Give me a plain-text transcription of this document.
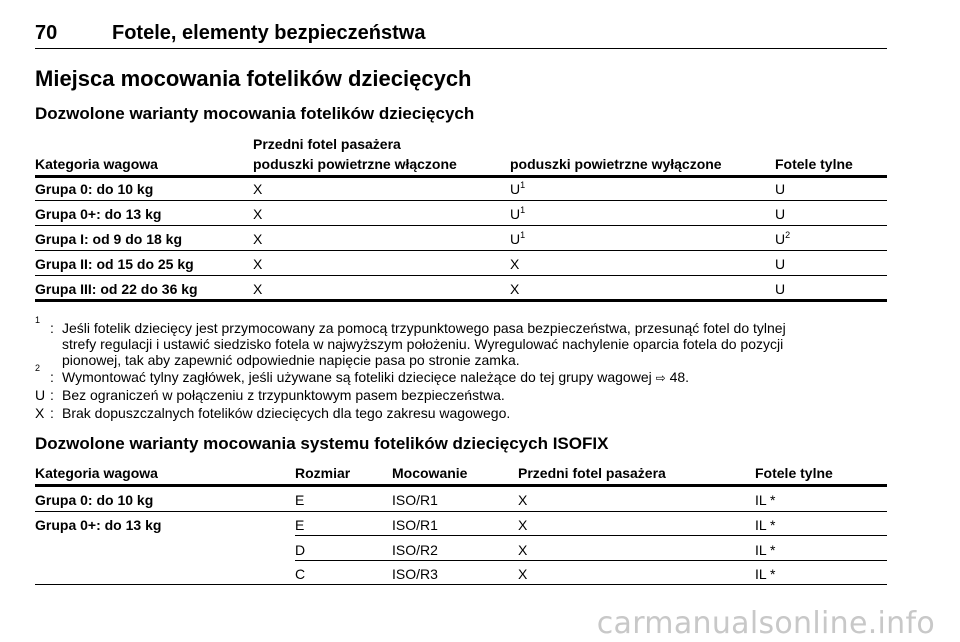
70	Fotele, elementy bezpieczeństwa
Miejsca mocowania fotelików dziecięcych
Dozwolone warianty mocowania fotelików dziecięcych
Przedni fotel pasażera
Kategoria wagowa	poduszki powietrzne włączone	poduszki powietrzne wyłączone	Fotele tylne
Grupa 0: do 10 kg	X	$U^1$	U
Grupa 0+: do 13 kg	X	$U^1$	U
Grupa I: od 9 do 18 kg	X	$U^1$	$U^2$
Grupa II: od 15 do 25 kg	X	X	U
Grupa III: od 22 do 36 kg	X	X	U
1 : Jeśli fotelik dziecięcy jest przymocowany za pomocą trzypunktowego pasa bezpieczeństwa, przesunąć fotel do tylnej
strefy regulacji i ustawić siedzisko fotela w najwyższym położeniu. Wyregulować nachylenie oparcia fotela do pozycji
pionowej, tak aby zapewnić odpowiednie napięcie pasa po stronie zamka.
2
: Wymontować tylny zagłówek, jeśli używane są foteliki dziecięce należące do tej grupy wagowej ⇨ 48.
U : Bez ograniczeń w połączeniu z trzypunktowym pasem bezpieczeństwa.
X : Brak dopuszczalnych fotelików dziecięcych dla tego zakresu wagowego.
Dozwolone warianty mocowania systemu fotelików dziecięcych ISOFIX
Kategoria wagowa	Rozmiar	Mocowanie	Przedni fotel pasażera	Fotele tylne
Grupa 0: do 10 kg	E	ISO/R1	X	IL *
Grupa 0+: do 13 kg	E	ISO/R1	X	IL *
D	ISO/R2	X	IL *
C	ISO/R3	X	IL *
carmanualsonline.info
